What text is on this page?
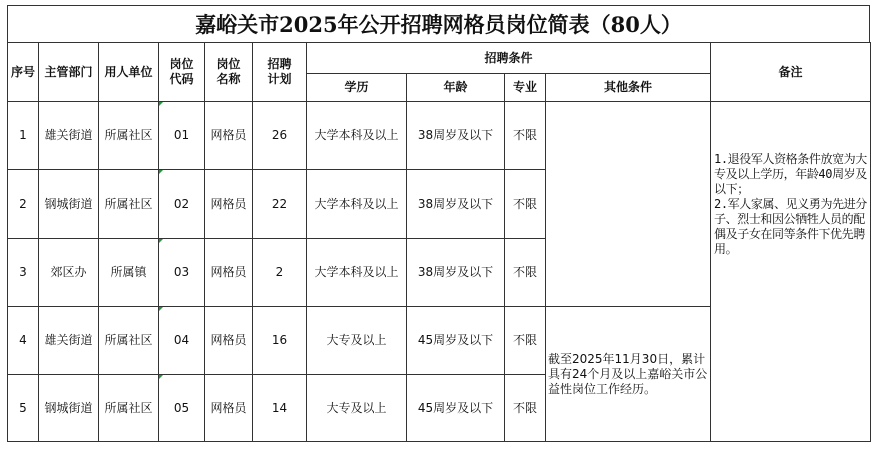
嘉峪关市2025年公开招聘网格员岗位简表（80人）
序号	主管部门	用人单位	岗位代码	岗位名称	招聘计划	招聘条件				备注
						学历	年龄	专业	其他条件	
1	雄关街道	所属社区	01	网格员	26	大学本科及以上	38周岁及以下	不限		1.退役军人资格条件放宽为大专及以上学历，年龄40周岁及以下；
2.军人家属、见义勇为先进分子、烈士和因公牺牲人员的配偶及子女在同等条件下优先聘用。

2	钢城街道	所属社区	02	网格员	22	大学本科及以上	38周岁及以下	不限		
3	郊区办	所属镇	03	网格员	2	大学本科及以上	38周岁及以下	不限		
4	雄关街道	所属社区	04	网格员	16	大专及以上	45周岁及以下	不限	截至2025年11月30日，累计具有24个月及以上嘉峪关市公益性岗位工作经历。	
5	钢城街道	所属社区	05	网格员	14	大专及以上	45周岁及以下	不限		
